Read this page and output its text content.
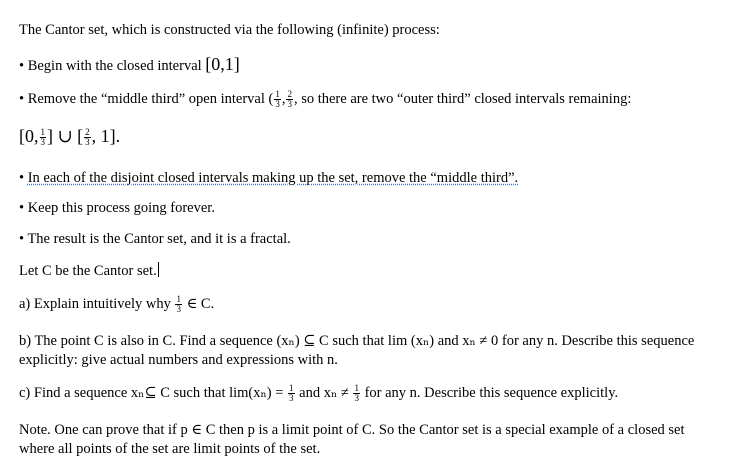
The Cantor set, which is constructed via the following (infinite) process:
• Begin with the closed interval [0,1]
• Remove the “middle third” open interval ( $\frac{1}{3}$ , $\frac{2}{3}$ , so there are two “outer third” closed intervals remaining:
[0, $\frac{1}{3}$ ] ∪ [ $\frac{2}{3}$ , 1].
• In each of the disjoint closed intervals making up the set, remove the “middle third”.
• Keep this process going forever.
• The result is the Cantor set, and it is a fractal.
Let C be the Cantor set.
a) Explain intuitively why $\frac{1}{3}$ ∈ C.
b) The point C is also in C. Find a sequence (xₙ) ⊆ C such that lim (xₙ) and xₙ ≠ 0 for any n. Describe this sequence explicitly: give actual numbers and expressions with n.
c) Find a sequence xₙ⊆ C such that $\lim(x_n) = \frac{1}{3}$ and $x_n \ne \frac{1}{3}$ for any n. Describe this sequence explicitly.
Note. One can prove that if p ∈ C then p is a limit point of C. So the Cantor set is a special example of a closed set where all points of the set are limit points of the set.
